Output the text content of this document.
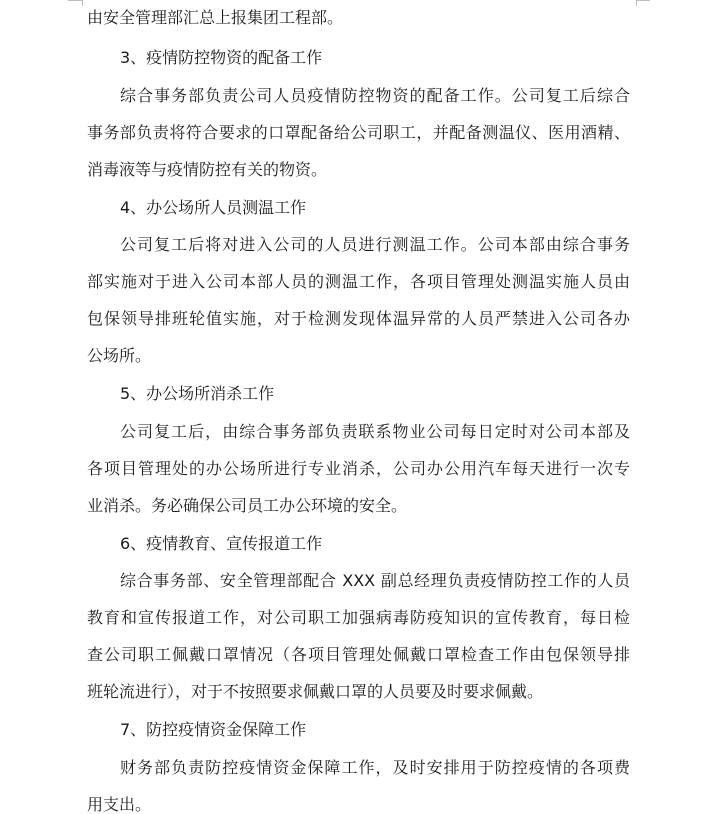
由安全管理部汇总上报集团工程部。
3、疫情防控物资的配备工作
综合事务部负责公司人员疫情防控物资的配备工作。公司复工后综合
事务部负责将符合要求的口罩配备给公司职工，并配备测温仪、医用酒精、
消毒液等与疫情防控有关的物资。
4、办公场所人员测温工作
公司复工后将对进入公司的人员进行测温工作。公司本部由综合事务
部实施对于进入公司本部人员的测温工作，各项目管理处测温实施人员由
包保领导排班轮值实施，对于检测发现体温异常的人员严禁进入公司各办
公场所。
5、办公场所消杀工作
公司复工后，由综合事务部负责联系物业公司每日定时对公司本部及
各项目管理处的办公场所进行专业消杀，公司办公用汽车每天进行一次专
业消杀。务必确保公司员工办公环境的安全。
6、疫情教育、宣传报道工作
综合事务部、安全管理部配合 XXX 副总经理负责疫情防控工作的人员
教育和宣传报道工作，对公司职工加强病毒防疫知识的宣传教育，每日检
查公司职工佩戴口罩情况（各项目管理处佩戴口罩检查工作由包保领导排
班轮流进行），对于不按照要求佩戴口罩的人员要及时要求佩戴。
7、防控疫情资金保障工作
财务部负责防控疫情资金保障工作，及时安排用于防控疫情的各项费
用支出。
